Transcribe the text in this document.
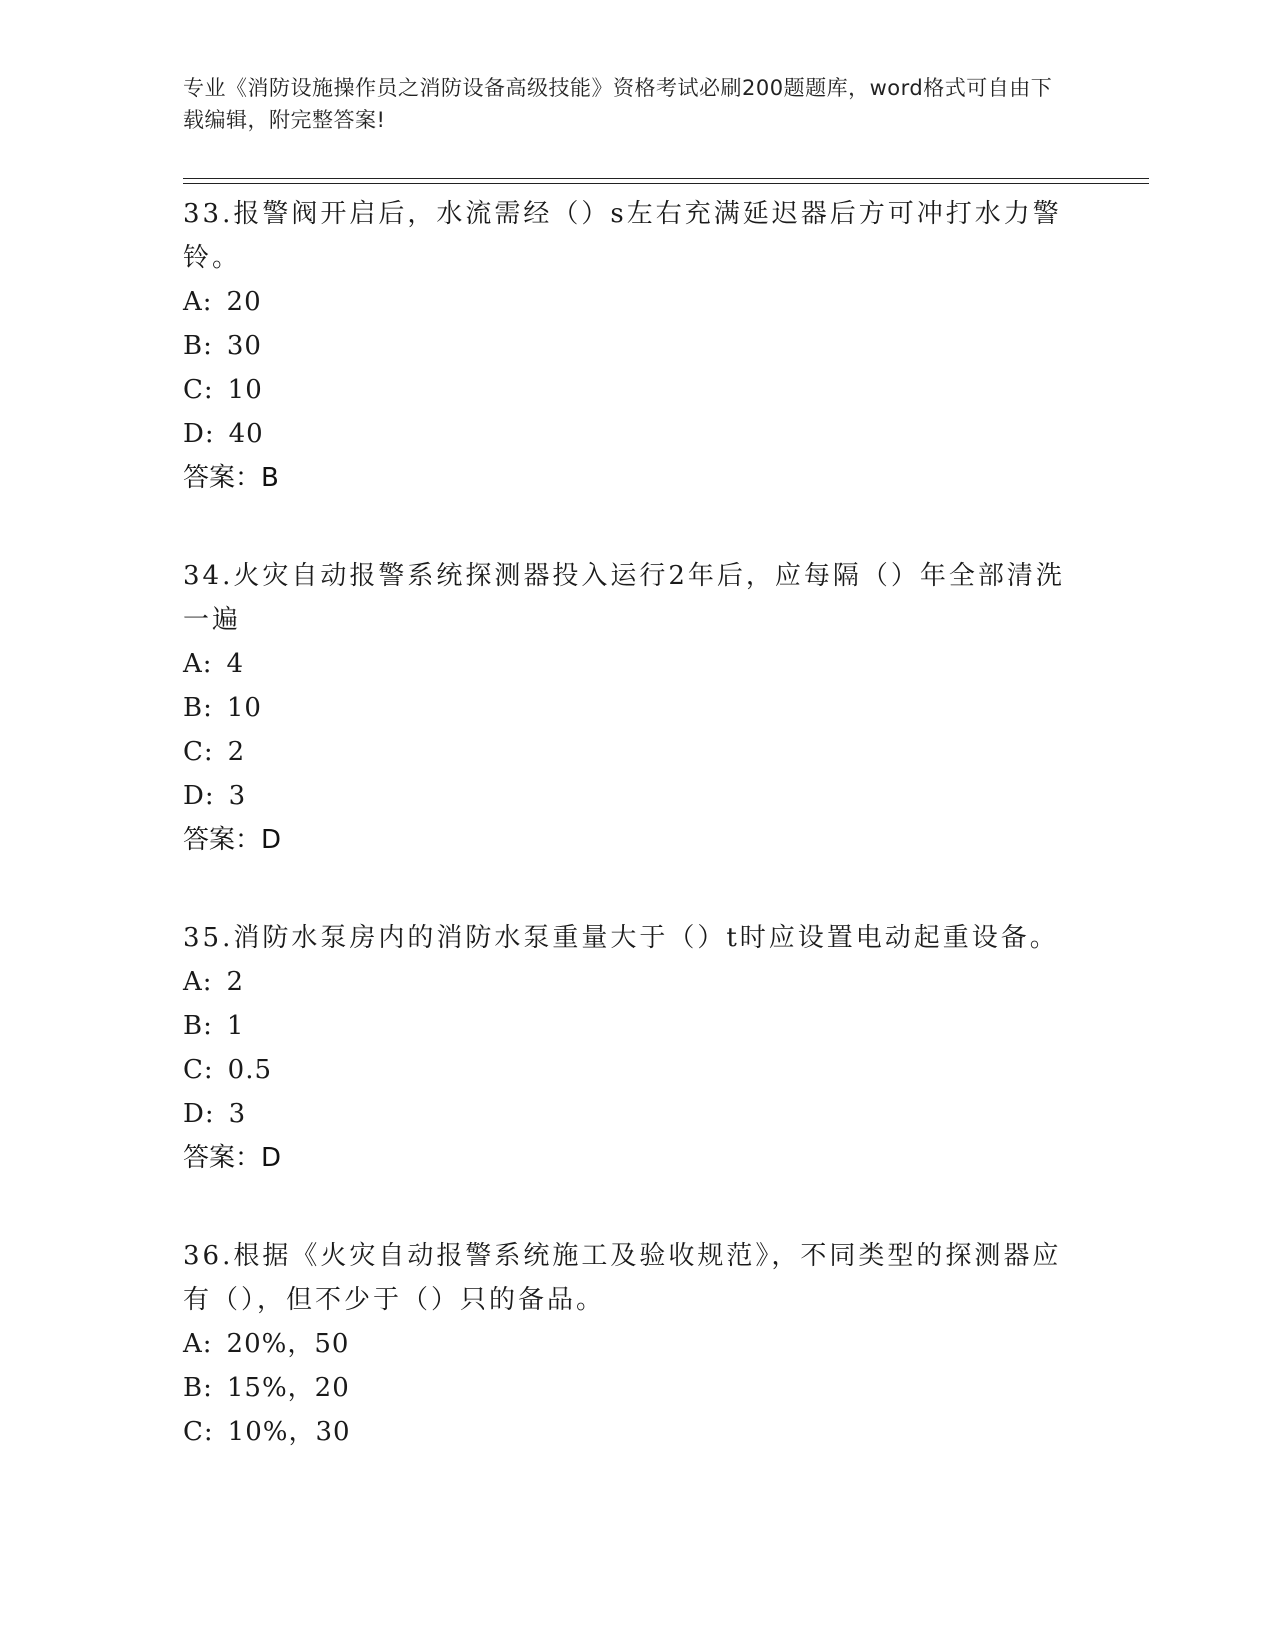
专业《消防设施操作员之消防设备高级技能》资格考试必刷200题题库，word格式可自由下载编辑，附完整答案!

33.报警阀开启后，水流需经（）s左右充满延迟器后方可冲打水力警铃。

A: 20

B: 30

C: 10

D: 40

答案：B

34.火灾自动报警系统探测器投入运行2年后，应每隔（）年全部清洗一遍

A: 4

B: 10

C: 2

D: 3

答案：D

35.消防水泵房内的消防水泵重量大于（）t时应设置电动起重设备。

A: 2

B: 1

C: 0.5

D: 3

答案：D

36.根据《火灾自动报警系统施工及验收规范》，不同类型的探测器应有（），但不少于（）只的备品。

A: 20%，50

B: 15%，20

C: 10%，30
